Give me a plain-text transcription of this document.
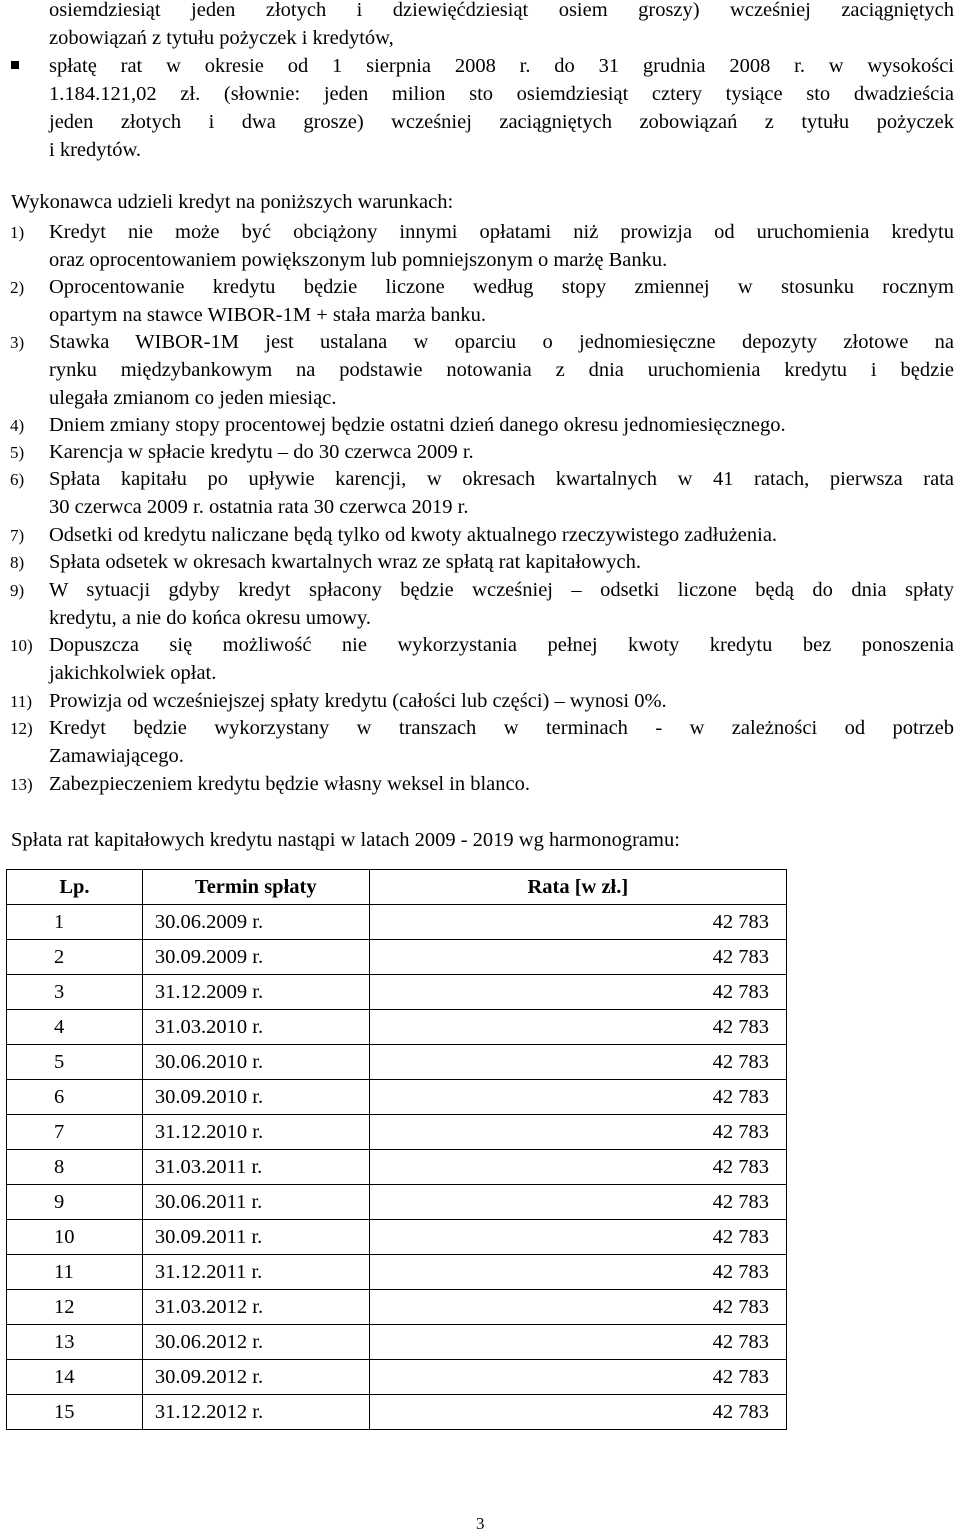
osiemdziesiąt jeden złotych i dziewięćdziesiąt osiem groszy) wcześniej zaciągniętych
zobowiązań z tytułu pożyczek i kredytów,
spłatę rat w okresie od 1 sierpnia 2008 r. do 31 grudnia 2008 r. w wysokości
1.184.121,02 zł. (słownie: jeden milion sto osiemdziesiąt cztery tysiące sto dwadzieścia
jeden złotych i dwa grosze) wcześniej zaciągniętych zobowiązań z tytułu pożyczek
i kredytów.
Wykonawca udzieli kredyt na poniższych warunkach:
1) Kredyt nie może być obciążony innymi opłatami niż prowizja od uruchomienia kredytu
oraz oprocentowaniem powiększonym lub pomniejszonym o marżę Banku.
2) Oprocentowanie kredytu będzie liczone według stopy zmiennej w stosunku rocznym
opartym na stawce WIBOR-1M + stała marża banku.
3) Stawka WIBOR-1M jest ustalana w oparciu o jednomiesięczne depozyty złotowe na
rynku międzybankowym na podstawie notowania z dnia uruchomienia kredytu i będzie
ulegała zmianom co jeden miesiąc.
4) Dniem zmiany stopy procentowej będzie ostatni dzień danego okresu jednomiesięcznego.
5) Karencja w spłacie kredytu – do 30 czerwca 2009 r.
6) Spłata kapitału po upływie karencji, w okresach kwartalnych w 41 ratach, pierwsza rata
30 czerwca 2009 r. ostatnia rata 30 czerwca 2019 r.
7) Odsetki od kredytu naliczane będą tylko od kwoty aktualnego rzeczywistego zadłużenia.
8) Spłata odsetek w okresach kwartalnych wraz ze spłatą rat kapitałowych.
9) W sytuacji gdyby kredyt spłacony będzie wcześniej – odsetki liczone będą do dnia spłaty
kredytu, a nie do końca okresu umowy.
10) Dopuszcza się możliwość nie wykorzystania pełnej kwoty kredytu bez ponoszenia
jakichkolwiek opłat.
11) Prowizja od wcześniejszej spłaty kredytu (całości lub części) – wynosi 0%.
12) Kredyt będzie wykorzystany w transzach w terminach - w zależności od potrzeb
Zamawiającego.
13) Zabezpieczeniem kredytu będzie własny weksel in blanco.
Spłata rat kapitałowych kredytu nastąpi w latach 2009 - 2019 wg harmonogramu:
Lp.	Termin spłaty	Rata [w zł.]
1	30.06.2009 r.	42 783
2	30.09.2009 r.	42 783
3	31.12.2009 r.	42 783
4	31.03.2010 r.	42 783
5	30.06.2010 r.	42 783
6	30.09.2010 r.	42 783
7	31.12.2010 r.	42 783
8	31.03.2011 r.	42 783
9	30.06.2011 r.	42 783
10	30.09.2011 r.	42 783
11	31.12.2011 r.	42 783
12	31.03.2012 r.	42 783
13	30.06.2012 r.	42 783
14	30.09.2012 r.	42 783
15	31.12.2012 r.	42 783
3
